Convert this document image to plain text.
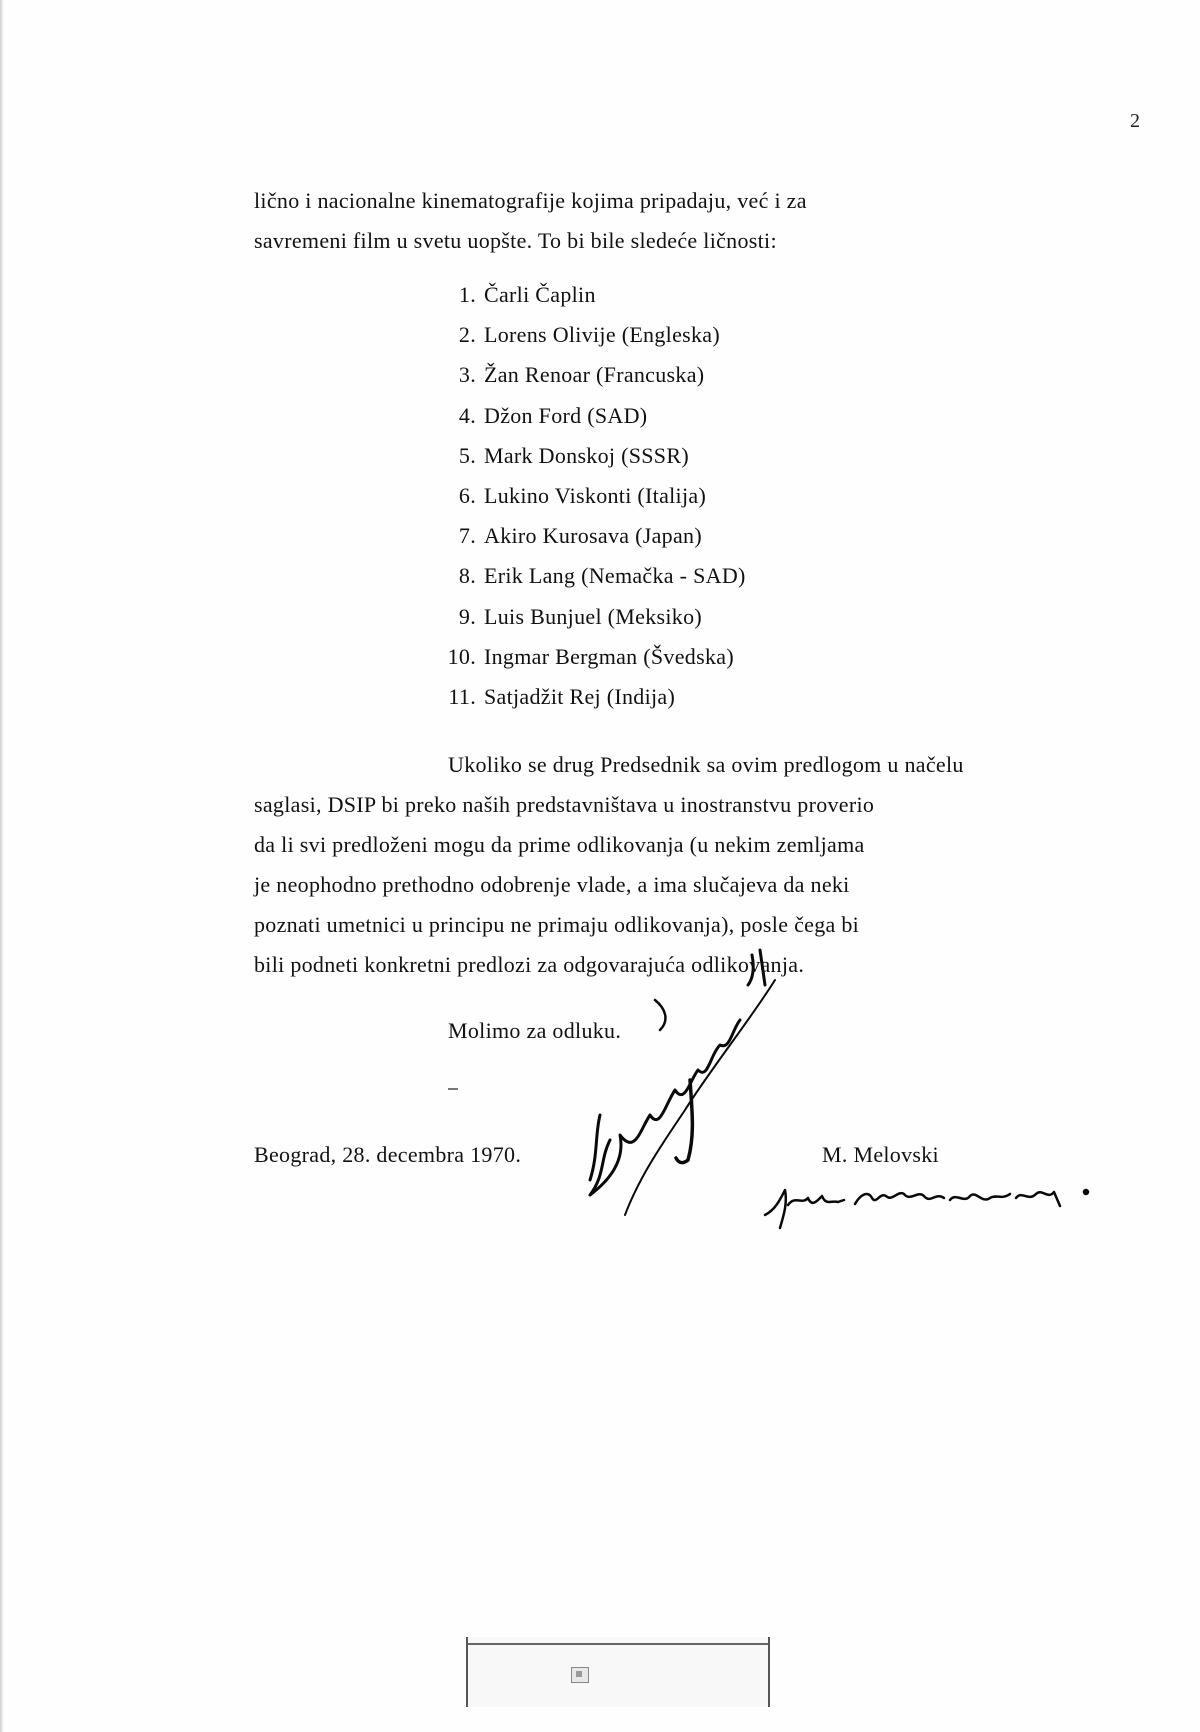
2
lično i nacionalne kinematografije kojima pripadaju, već i za
savremeni film u svetu uopšte. To bi bile sledeće ličnosti:
1. Čarli Čaplin
2. Lorens Olivije (Engleska)
3. Žan Renoar (Francuska)
4. Džon Ford (SAD)
5. Mark Donskoj (SSSR)
6. Lukino Viskonti (Italija)
7. Akiro Kurosava (Japan)
8. Erik Lang (Nemačka - SAD)
9. Luis Bunjuel (Meksiko)
10. Ingmar Bergman (Švedska)
11. Satjadžit Rej (Indija)
Ukoliko se drug Predsednik sa ovim predlogom u načelu
saglasi, DSIP bi preko naših predstavništava u inostranstvu proverio
da li svi predloženi mogu da prime odlikovanja (u nekim zemljama
je neophodno prethodno odobrenje vlade, a ima slučajeva da neki
poznati umetnici u principu ne primaju odlikovanja), posle čega bi
bili podneti konkretni predlozi za odgovarajuća odlikovanja.
Molimo za odluku.
Beograd, 28. decembra 1970.	M. Melovski
